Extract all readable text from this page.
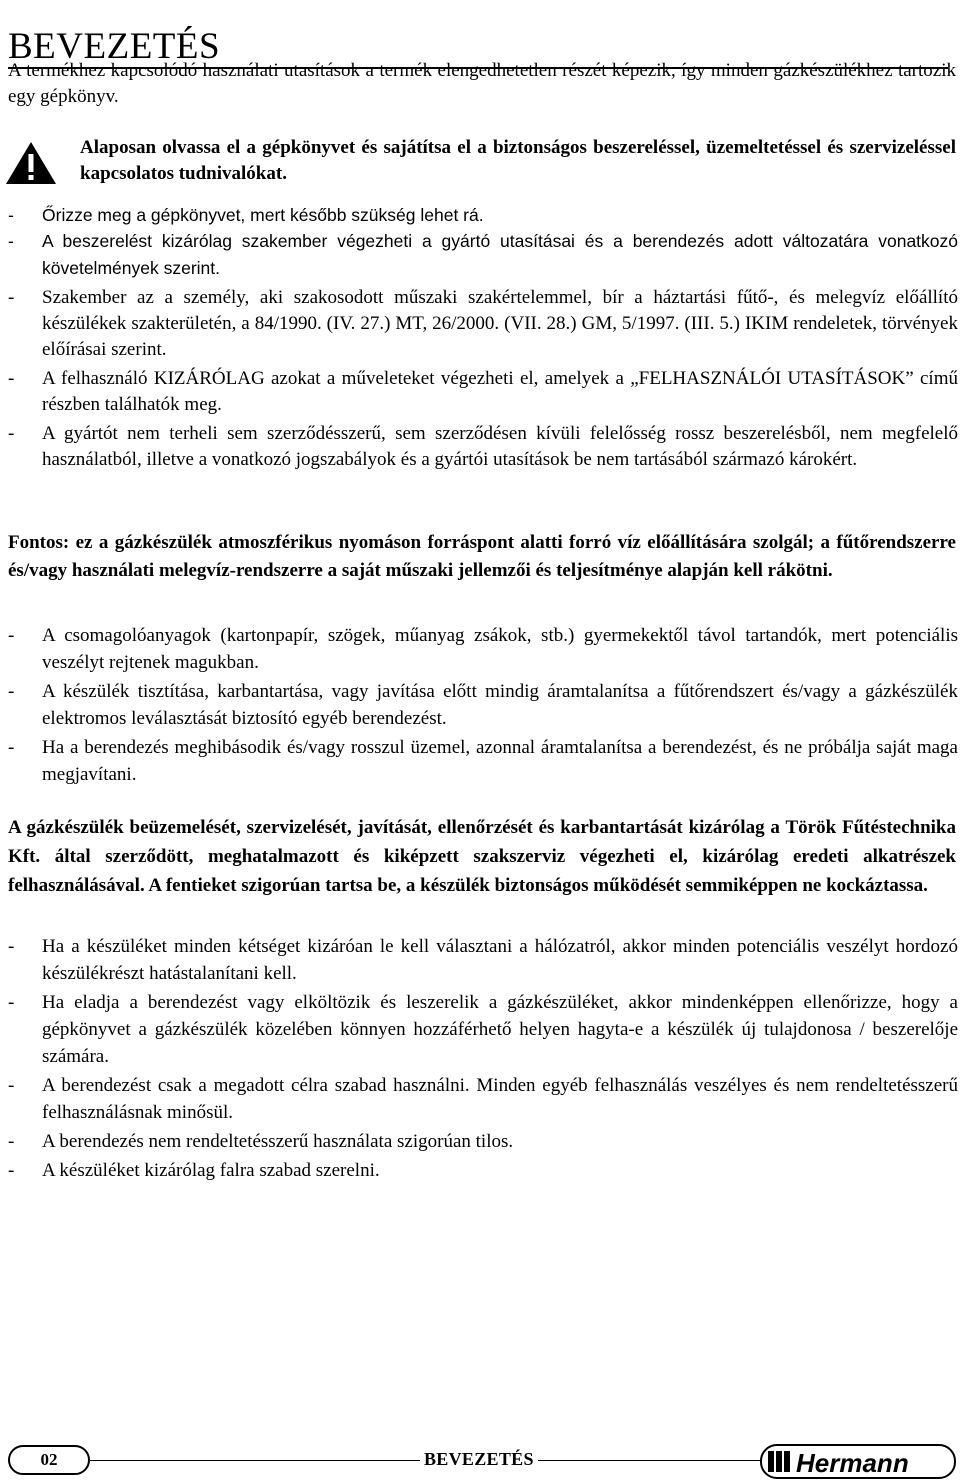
BEVEZETÉS
A termékhez kapcsolódó használati utasítások a termék elengedhetetlen részét képezik, így minden gázkészülékhez tartozik egy gépkönyv.
Alaposan olvassa el a gépkönyvet és sajátítsa el a biztonságos beszereléssel, üzemeltetéssel és szervizeléssel kapcsolatos tudnivalókat.
- Őrizze meg a gépkönyvet, mert később szükség lehet rá.
- A beszerelést kizárólag szakember végezheti a gyártó utasításai és a berendezés adott változatára vonatkozó követelmények szerint.
- Szakember az a személy, aki szakosodott műszaki szakértelemmel, bír a háztartási fűtő-, és melegvíz előállító készülékek szakterületén, a 84/1990. (IV. 27.) MT, 26/2000. (VII. 28.) GM, 5/1997. (III. 5.) IKIM rendeletek, törvények előírásai szerint.
- A felhasználó KIZÁRÓLAG azokat a műveleteket végezheti el, amelyek a „FELHASZNÁLÓI UTASÍTÁSOK” című részben találhatók meg.
- A gyártót nem terheli sem szerződésszerű, sem szerződésen kívüli felelősség rossz beszerelésből, nem megfelelő használatból, illetve a vonatkozó jogszabályok és a gyártói utasítások be nem tartásából származó károkért.
Fontos: ez a gázkészülék atmoszférikus nyomáson forráspont alatti forró víz előállítására szolgál; a fűtőrendszerre és/vagy használati melegvíz-rendszerre a saját műszaki jellemzői és teljesítménye alapján kell rákötni.
- A csomagolóanyagok (kartonpapír, szögek, műanyag zsákok, stb.) gyermekektől távol tartandók, mert potenciális veszélyt rejtenek magukban.
- A készülék tisztítása, karbantartása, vagy javítása előtt mindig áramtalanítsa a fűtőrendszert és/vagy a gázkészülék elektromos leválasztását biztosító egyéb berendezést.
- Ha a berendezés meghibásodik és/vagy rosszul üzemel, azonnal áramtalanítsa a berendezést, és ne próbálja saját maga megjavítani.
A gázkészülék beüzemelését, szervizelését, javítását, ellenőrzését és karbantartását kizárólag a Török Fűtéstechnika Kft. által szerződött, meghatalmazott és kiképzett szakszerviz végezheti el, kizárólag eredeti alkatrészek felhasználásával. A fentieket szigorúan tartsa be, a készülék biztonságos működését semmiképpen ne kockáztassa.
- Ha a készüléket minden kétséget kizáróan le kell választani a hálózatról, akkor minden potenciális veszélyt hordozó készülékrészt hatástalanítani kell.
- Ha eladja a berendezést vagy elköltözik és leszerelik a gázkészüléket, akkor mindenképpen ellenőrizze, hogy a gépkönyvet a gázkészülék közelében könnyen hozzáférhető helyen hagyta-e a készülék új tulajdonosa / beszerelője számára.
- A berendezést csak a megadott célra szabad használni. Minden egyéb felhasználás veszélyes és nem rendeltetésszerű felhasználásnak minősül.
- A berendezés nem rendeltetésszerű használata szigorúan tilos.
- A készüléket kizárólag falra szabad szerelni.
02	BEVEZETÉS	Hermann
